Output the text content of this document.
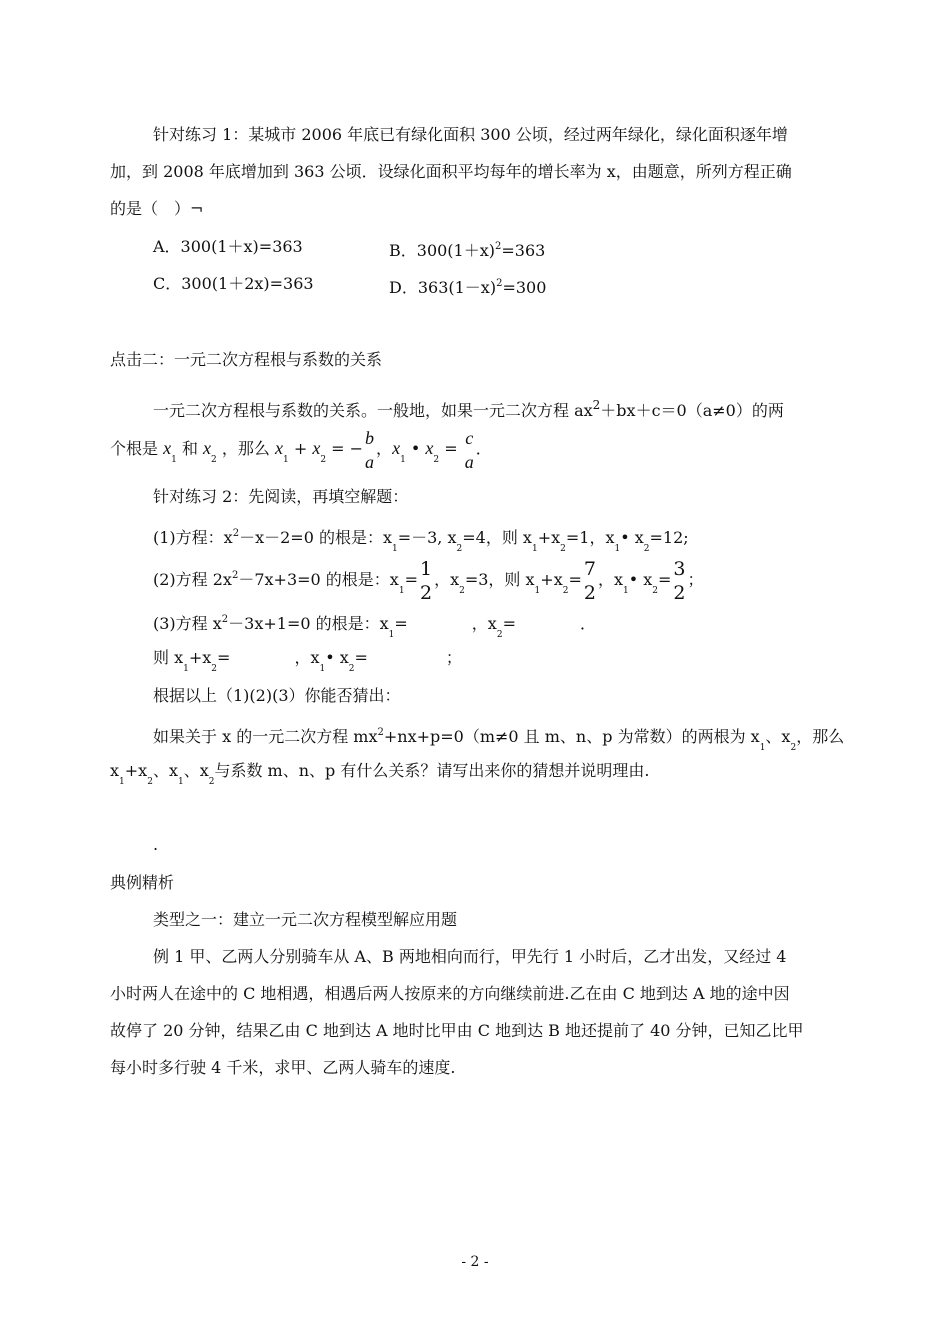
针对练习 1：某城市 2006 年底已有绿化面积 300 公顷，经过两年绿化，绿化面积逐年增
加，到 2008 年底增加到 363 公顷．设绿化面积平均每年的增长率为 x，由题意，所列方程正确
的是（　）¬
A．300(1＋x)=363	B．$300(1+x)^2=363$
C．300(1＋2x)=363	D．$363(1-x)^2=300$
点击二：一元二次方程根与系数的关系
一元二次方程根与系数的关系。一般地，如果一元二次方程 $ax^2+bx+c=0(a\ne 0)$的两
个根是 $x_1$ 和 $x_2$ ，那么 $x_1 + x_2$ = −
b
a
，$x_1$ • $x_2$ =
c
a
．
针对练习 2：先阅读，再填空解题：
(1)方程：$x^2-x-2=0$ 的根是：$x_1=-3$, $x_2=4$，则 $x_1+x_2=1$，$x_1•$ $x_2=12$;
(2)方程 $2x^2-7x+3=0$ 的根是：$x_1= 1$
2
，$x_2=3$，则 $x_1+x_2= 7$
2
，$x_1•$ $x_2= 3$
2
；
(3)方程 $x^2-3x+1=0$ 的根是：$x_1=$	，$x_2=$	．
则 $x_1+x_2=$	，$x_1•$ $x_2=$	；
根据以上（1)(2)(3）你能否猜出：
如果关于 x 的一元二次方程 $mx^2+nx+p=0(m\ne 0$ 且 m、n、p 为常数）的两根为 $x_1$、$x_2$，那么
$x_1+x_2$、$x_1$、$x_2$与系数 m、n、p 有什么关系？请写出来你的猜想并说明理由.
.
典例精析
类型之一：建立一元二次方程模型解应用题
例 1 甲、乙两人分别骑车从 A、B 两地相向而行，甲先行 1 小时后，乙才出发，又经过 4
小时两人在途中的 C 地相遇，相遇后两人按原来的方向继续前进.乙在由 C 地到达 A 地的途中因
故停了 20 分钟，结果乙由 C 地到达 A 地时比甲由 C 地到达 B 地还提前了 40 分钟，已知乙比甲
每小时多行驶 4 千米，求甲、乙两人骑车的速度.
- 2 -
